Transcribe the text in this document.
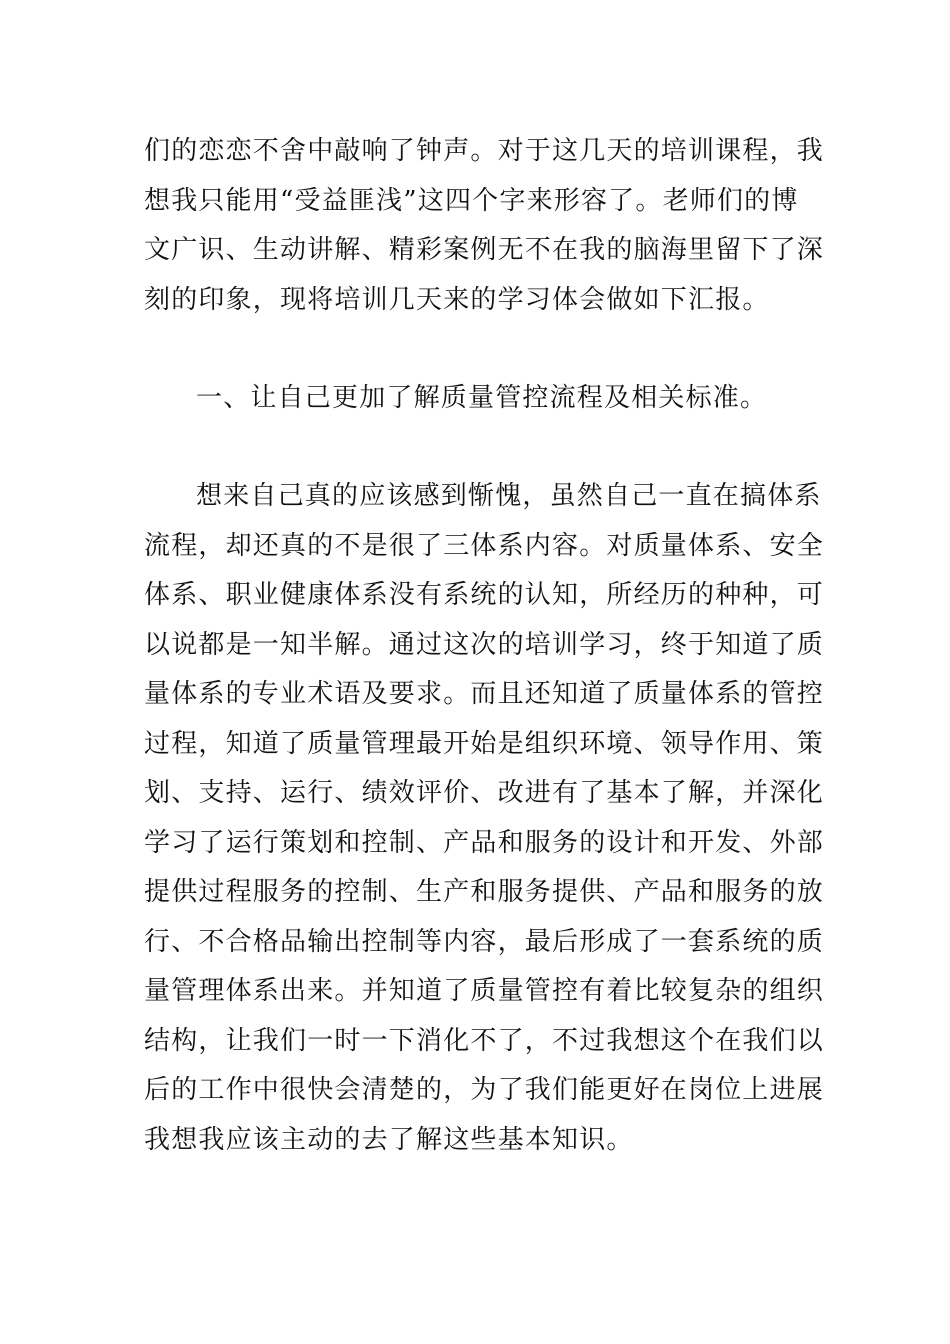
们的恋恋不舍中敲响了钟声。对于这几天的培训课程，我
想我只能用“受益匪浅”这四个字来形容了。老师们的博
文广识、生动讲解、精彩案例无不在我的脑海里留下了深
刻的印象，现将培训几天来的学习体会做如下汇报。
一、让自己更加了解质量管控流程及相关标准。
想来自己真的应该感到惭愧，虽然自己一直在搞体系
流程，却还真的不是很了三体系内容。对质量体系、安全
体系、职业健康体系没有系统的认知，所经历的种种，可
以说都是一知半解。通过这次的培训学习，终于知道了质
量体系的专业术语及要求。而且还知道了质量体系的管控
过程，知道了质量管理最开始是组织环境、领导作用、策
划、支持、运行、绩效评价、改进有了基本了解，并深化
学习了运行策划和控制、产品和服务的设计和开发、外部
提供过程服务的控制、生产和服务提供、产品和服务的放
行、不合格品输出控制等内容，最后形成了一套系统的质
量管理体系出来。并知道了质量管控有着比较复杂的组织
结构，让我们一时一下消化不了，不过我想这个在我们以
后的工作中很快会清楚的，为了我们能更好在岗位上进展
我想我应该主动的去了解这些基本知识。
